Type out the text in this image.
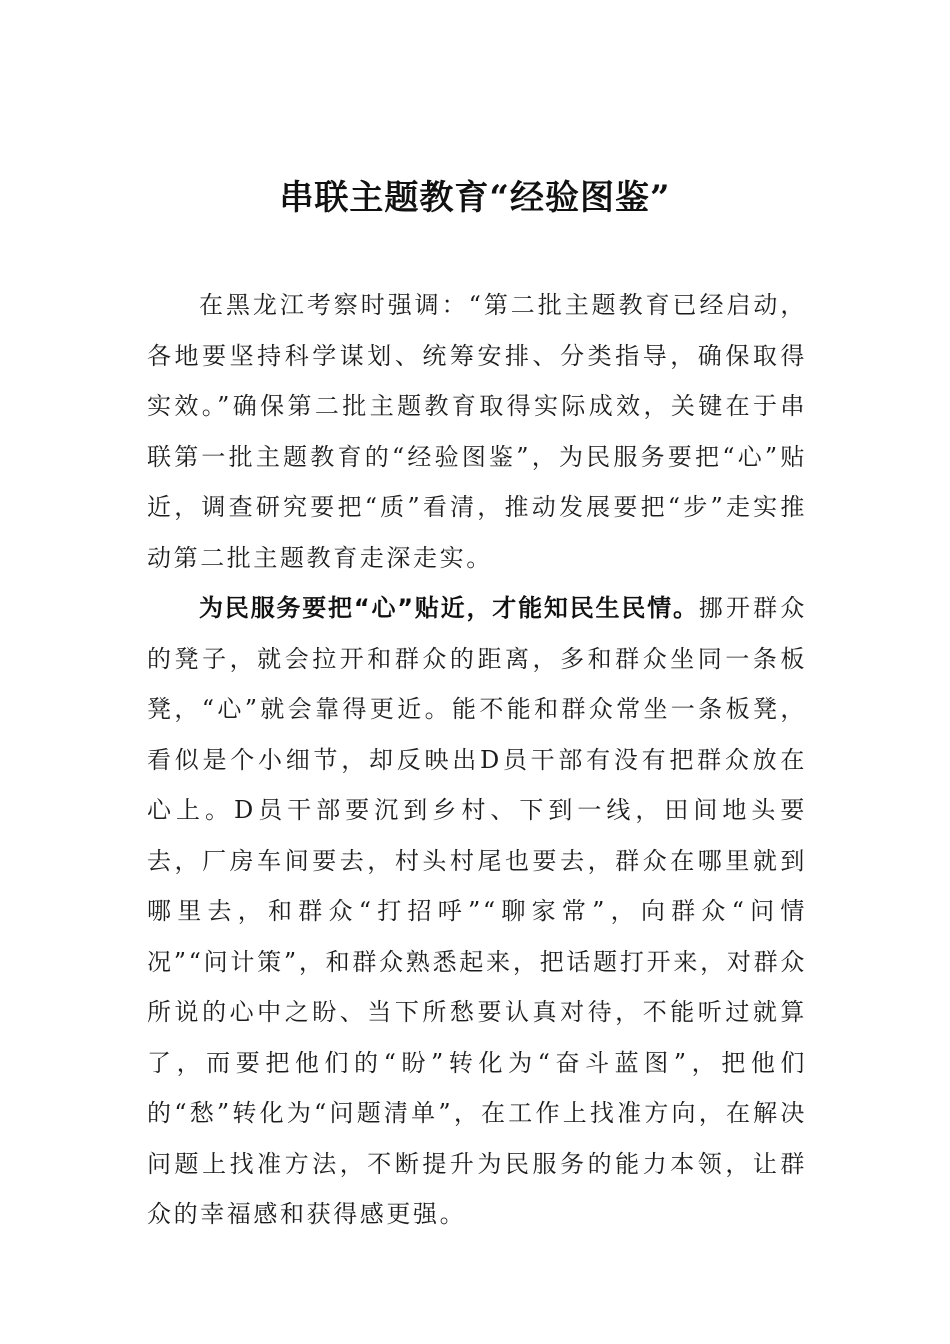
串联主题教育“经验图鉴”

在黑龙江考察时强调：“第二批主题教育已经启动，各地要坚持科学谋划、统筹安排、分类指导，确保取得实效。”确保第二批主题教育取得实际成效，关键在于串联第一批主题教育的“经验图鉴”，为民服务要把“心”贴近，调查研究要把“质”看清，推动发展要把“步”走实推动第二批主题教育走深走实。

为民服务要把“心”贴近，才能知民生民情。挪开群众的凳子，就会拉开和群众的距离，多和群众坐同一条板凳，“心”就会靠得更近。能不能和群众常坐一条板凳，看似是个小细节，却反映出D员干部有没有把群众放在心上。D员干部要沉到乡村、下到一线，田间地头要去，厂房车间要去，村头村尾也要去，群众在哪里就到哪里去，和群众“打招呼”“聊家常”，向群众“问情况”“问计策”，和群众熟悉起来，把话题打开来，对群众所说的心中之盼、当下所愁要认真对待，不能听过就算了，而要把他们的“盼”转化为“奋斗蓝图”，把他们的“愁”转化为“问题清单”，在工作上找准方向，在解决问题上找准方法，不断提升为民服务的能力本领，让群众的幸福感和获得感更强。
